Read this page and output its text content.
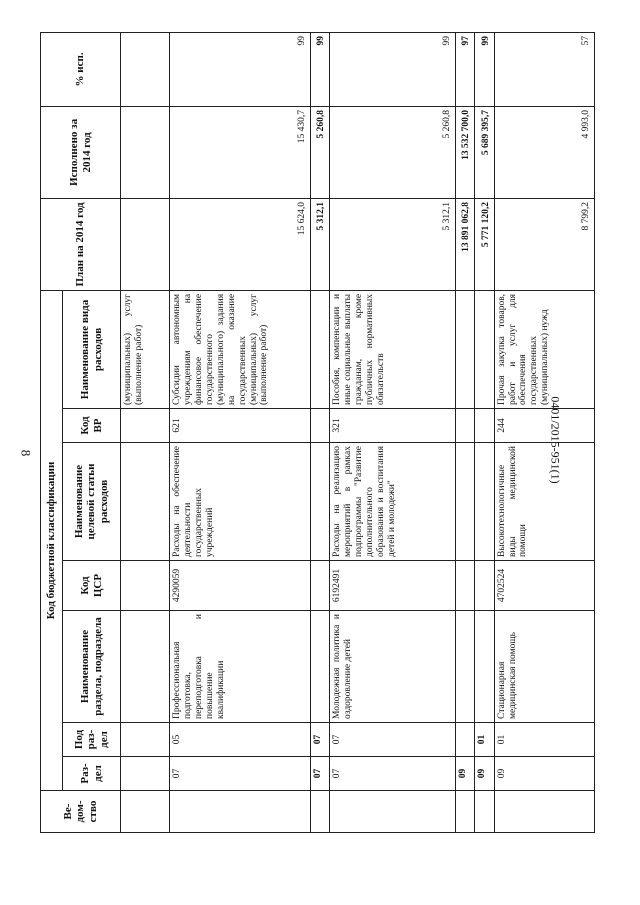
8	0401/2015-951(1)
Ве-дом-ство	Код бюджетной классификации							План на 2014 год	Исполнено за 2014 год	% исп.
	Раз-дел	Под раз-дел	Наименование раздела, подраздела	Код ЦСР	Наименование целевой статьи расходов	Код ВР	Наименование вида расходов			
							(муниципальных) услуг (выполнение работ)			
	07	05	Профессиональная подготовка, переподготовка и повышение квалификации	4290059	Расходы на обеспечение деятельности государственных учреждений	621	Субсидии автономным учреждениям на финансовое обеспечение государственного (муниципального) задания на оказание государственных (муниципальных) услуг (выполнение работ)	15 624,0	15 430,7	99
	07	07						5 312,1	5 260,8	99
	07	07	Молодежная политика и оздоровление детей	6192491	Расходы на реализацию мероприятий в рамках подпрограммы "Развитие дополнительного образования и воспитания детей и молодежи"	321	Пособия, компенсации и иные социальные выплаты гражданам, кроме публичных нормативных обязательств	5 312,1	5 260,8	99
	09							13 891 062,8	13 532 700,0	97
	09	01						5 771 120,2	5 689 395,7	99
	09	01	Стационарная медицинская помощь	4702524	Высокотехнологичные виды медицинской помощи	244	Прочая закупка товаров, работ и услуг для обеспечения государственных (муниципальных) нужд	8 799,2	4 993,0	57
